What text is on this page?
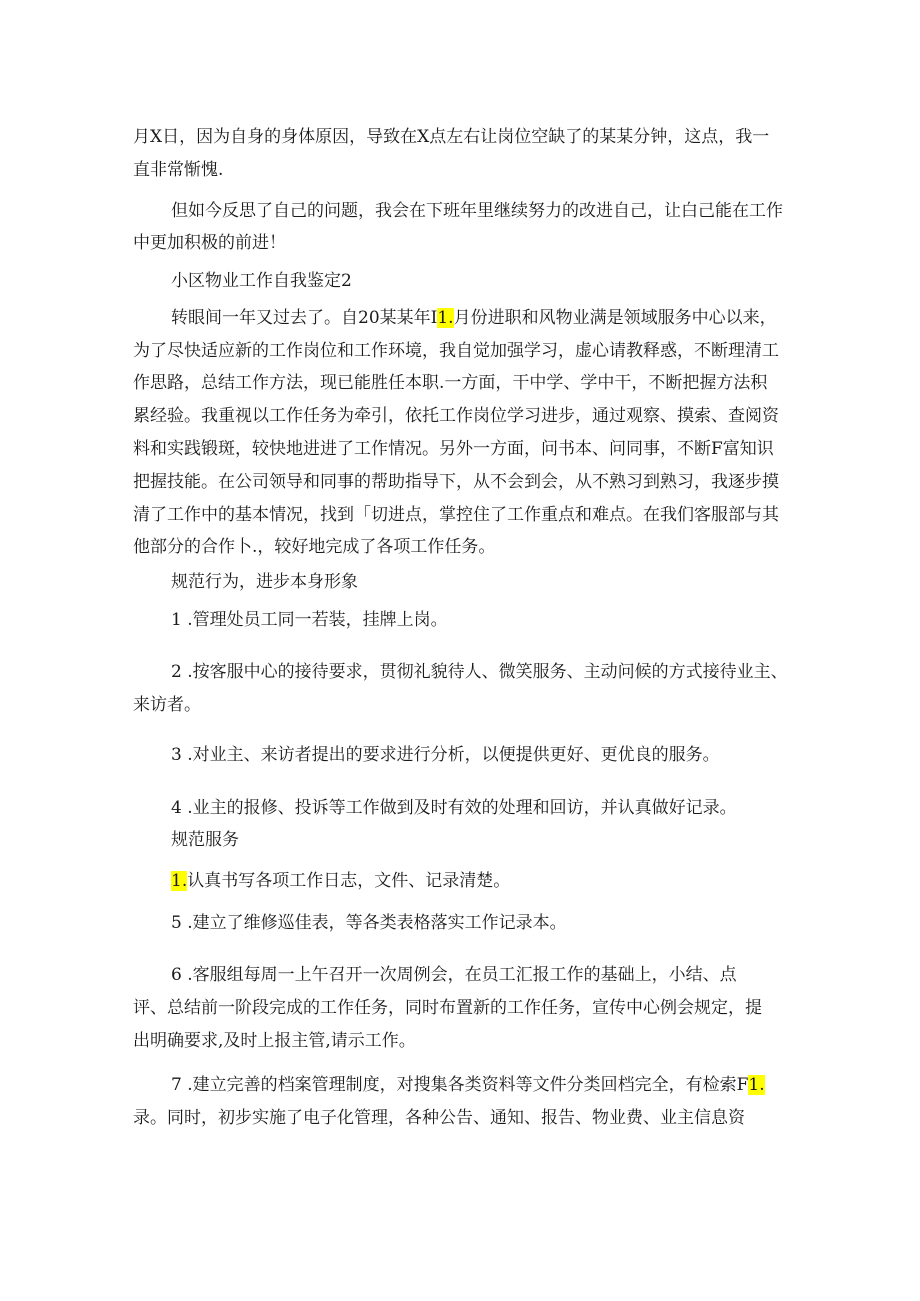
月X日，因为自身的身体原因，导致在X点左右让岗位空缺了的某某分钟，这点，我一

直非常惭愧.

但如今反思了自己的问题，我会在下班年里继续努力的改进自己，让白己能在工作

中更加积极的前进！

小区物业工作自我鉴定2

转眼间一年又过去了。自20某某年I1.月份进职和风物业满是领域服务中心以来，

为了尽快适应新的工作岗位和工作环境，我自觉加强学习，虚心请教释惑，不断理清工

作思路，总结工作方法，现已能胜任本职.一方面，干中学、学中干，不断把握方法积

累经验。我重视以工作任务为牵引，依托工作岗位学习进步，通过观察、摸索、查阅资

料和实践锻斑，较快地进进了工作情况。另外一方面，问书本、问同事，不断F富知识

把握技能。在公司领导和同事的帮助指导下，从不会到会，从不熟习到熟习，我逐步摸

清了工作中的基本情况，找到「切进点，掌控住了工作重点和难点。在我们客服部与其

他部分的合作卜.，较好地完成了各项工作任务。

规范行为，进步本身形象

1 .管理处员工同一若装，挂牌上岗。

2 .按客服中心的接待要求，贯彻礼貌待人、微笑服务、主动问候的方式接待业主、

来访者。

3 .对业主、来访者提出的要求进行分析，以便提供更好、更优良的服务。

4 .业主的报修、投诉等工作做到及时有效的处理和回访，并认真做好记录。

规范服务

1.认真书写各项工作日志，文件、记录清楚。

5 .建立了维修巡佳表，等各类表格落实工作记录本。

6 .客服组每周一上午召开一次周例会，在员工汇报工作的基础上，小结、点

评、总结前一阶段完成的工作任务，同时布置新的工作任务，宣传中心例会规定，提

出明确要求,及时上报主管,请示工作。

7 .建立完善的档案管理制度，对搜集各类资料等文件分类回档完全，有检索F1.

录。同时，初步实施了电子化管理，各种公告、通知、报告、物业费、业主信息资
